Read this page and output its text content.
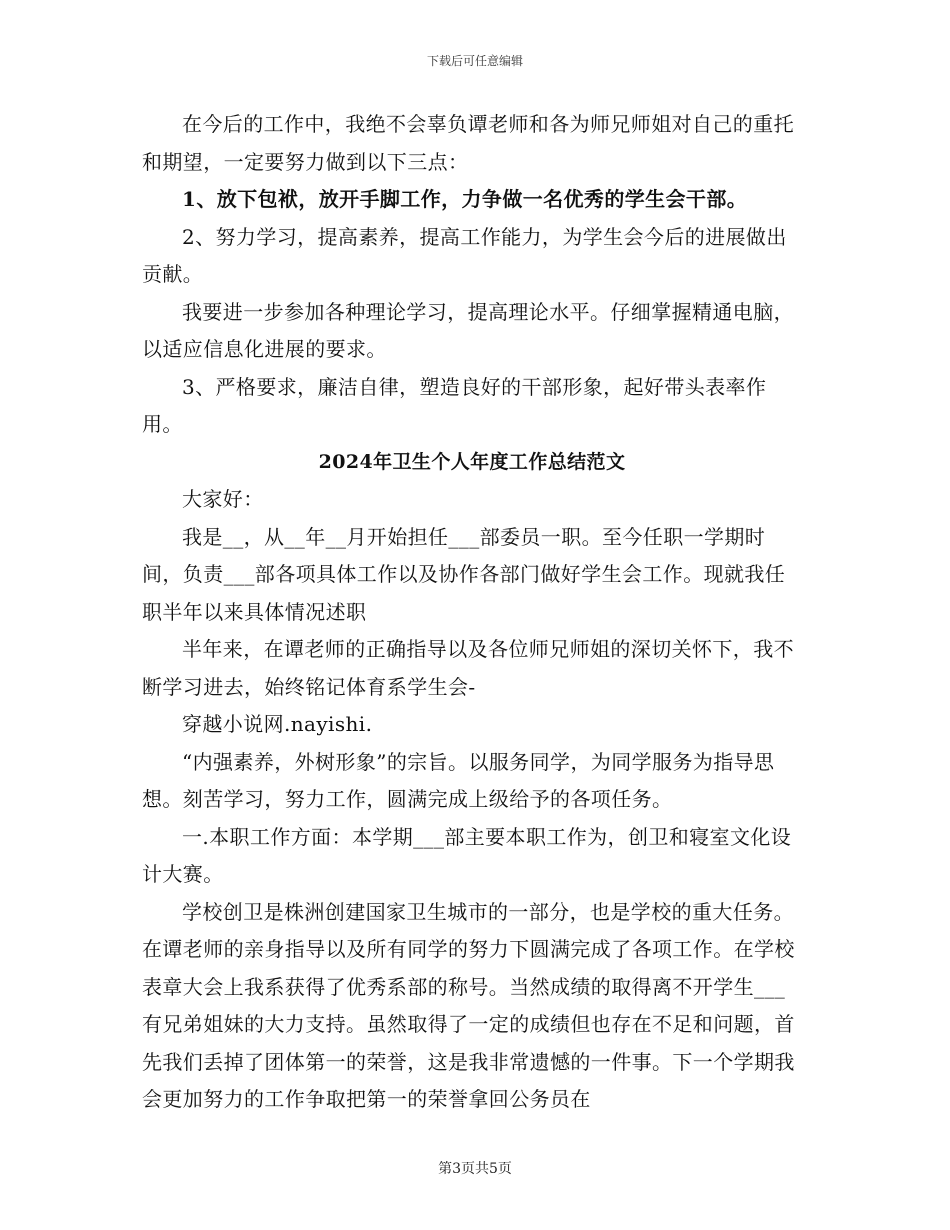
下载后可任意编辑

在今后的工作中，我绝不会辜负谭老师和各为师兄师姐对自己的重托和期望，一定要努力做到以下三点：

1、放下包袱，放开手脚工作，力争做一名优秀的学生会干部。

2、努力学习，提高素养，提高工作能力，为学生会今后的进展做出贡献。

我要进一步参加各种理论学习，提高理论水平。仔细掌握精通电脑，以适应信息化进展的要求。

3、严格要求，廉洁自律，塑造良好的干部形象，起好带头表率作用。

2024年卫生个人年度工作总结范文

大家好：

我是__，从__年__月开始担任___部委员一职。至今任职一学期时间，负责___部各项具体工作以及协作各部门做好学生会工作。现就我任职半年以来具体情况述职

半年来，在谭老师的正确指导以及各位师兄师姐的深切关怀下，我不断学习进去，始终铭记体育系学生会-

穿越小说网.nayishi.

“内强素养，外树形象”的宗旨。以服务同学，为同学服务为指导思想。刻苦学习，努力工作，圆满完成上级给予的各项任务。

一.本职工作方面：本学期___部主要本职工作为，创卫和寝室文化设计大赛。

学校创卫是株洲创建国家卫生城市的一部分，也是学校的重大任务。在谭老师的亲身指导以及所有同学的努力下圆满完成了各项工作。在学校表章大会上我系获得了优秀系部的称号。当然成绩的取得离不开学生___有兄弟姐妹的大力支持。虽然取得了一定的成绩但也存在不足和问题，首先我们丢掉了团体第一的荣誉，这是我非常遗憾的一件事。下一个学期我会更加努力的工作争取把第一的荣誉拿回公务员在

第3页共5页
